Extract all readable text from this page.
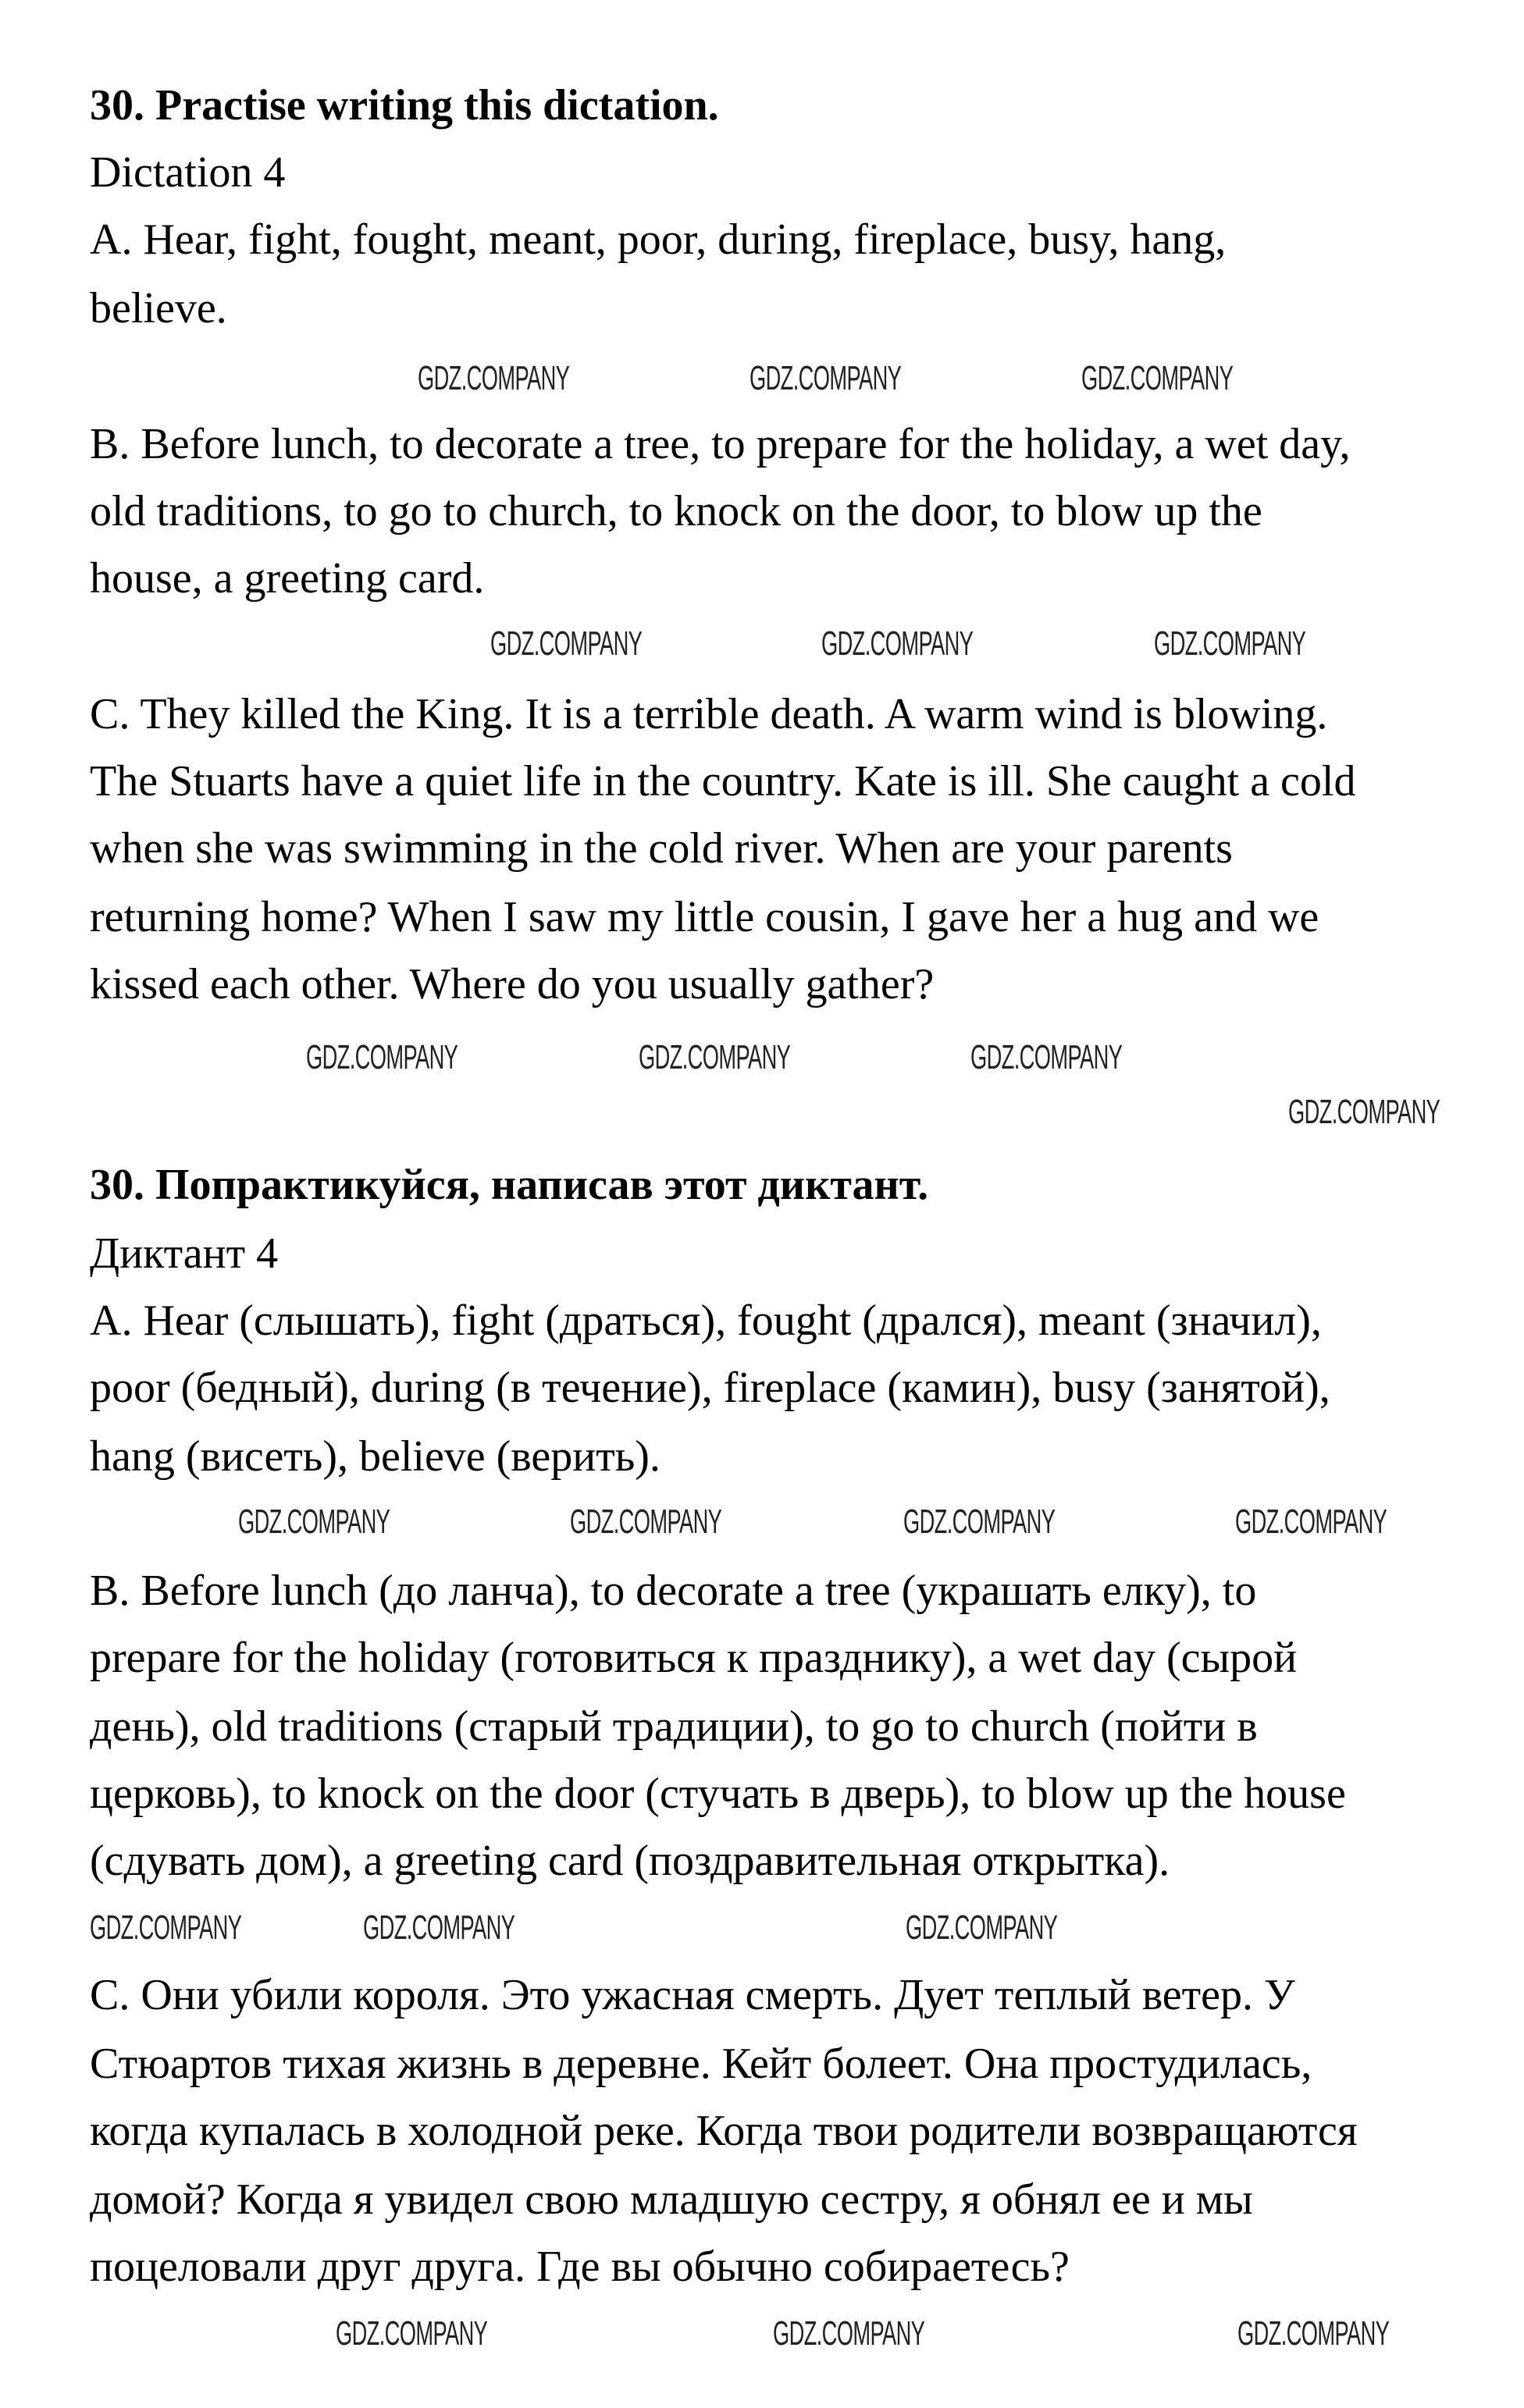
30. Practise writing this dictation.
Dictation 4
A. Hear, fight, fought, meant, poor, during, fireplace, busy, hang,
believe.
B. Before lunch, to decorate a tree, to prepare for the holiday, a wet day,
old traditions, to go to church, to knock on the door, to blow up the
house, a greeting card.
C. They killed the King. It is a terrible death. A warm wind is blowing.
The Stuarts have a quiet life in the country. Kate is ill. She caught a cold
when she was swimming in the cold river. When are your parents
returning home? When I saw my little cousin, I gave her a hug and we
kissed each other. Where do you usually gather?
30. Попрактикуйся, написав этот диктант.
Диктант 4
A. Hear (слышать), fight (драться), fought (дрался), meant (значил),
poor (бедный), during (в течение), fireplace (камин), busy (занятой),
hang (висеть), believe (верить).
B. Before lunch (до ланча), to decorate a tree (украшать елку), to
prepare for the holiday (готовиться к празднику), a wet day (сырой
день), old traditions (старый традиции), to go to church (пойти в
церковь), to knock on the door (стучать в дверь), to blow up the house
(сдувать дом), a greeting card (поздравительная открытка).
С. Они убили короля. Это ужасная смерть. Дует теплый ветер. У
Стюартов тихая жизнь в деревне. Кейт болеет. Она простудилась,
когда купалась в холодной реке. Когда твои родители возвращаются
домой? Когда я увидел свою младшую сестру, я обнял ее и мы
поцеловали друг друга. Где вы обычно собираетесь?
GDZ.COMPANY	GDZ.COMPANY	GDZ.COMPANY
GDZ.COMPANY	GDZ.COMPANY	GDZ.COMPANY
GDZ.COMPANY	GDZ.COMPANY	GDZ.COMPANY
GDZ.COMPANY
GDZ.COMPANY	GDZ.COMPANY	GDZ.COMPANY	GDZ.COMPANY
GDZ.COMPANY	GDZ.COMPANY	GDZ.COMPANY
GDZ.COMPANY	GDZ.COMPANY	GDZ.COMPANY
